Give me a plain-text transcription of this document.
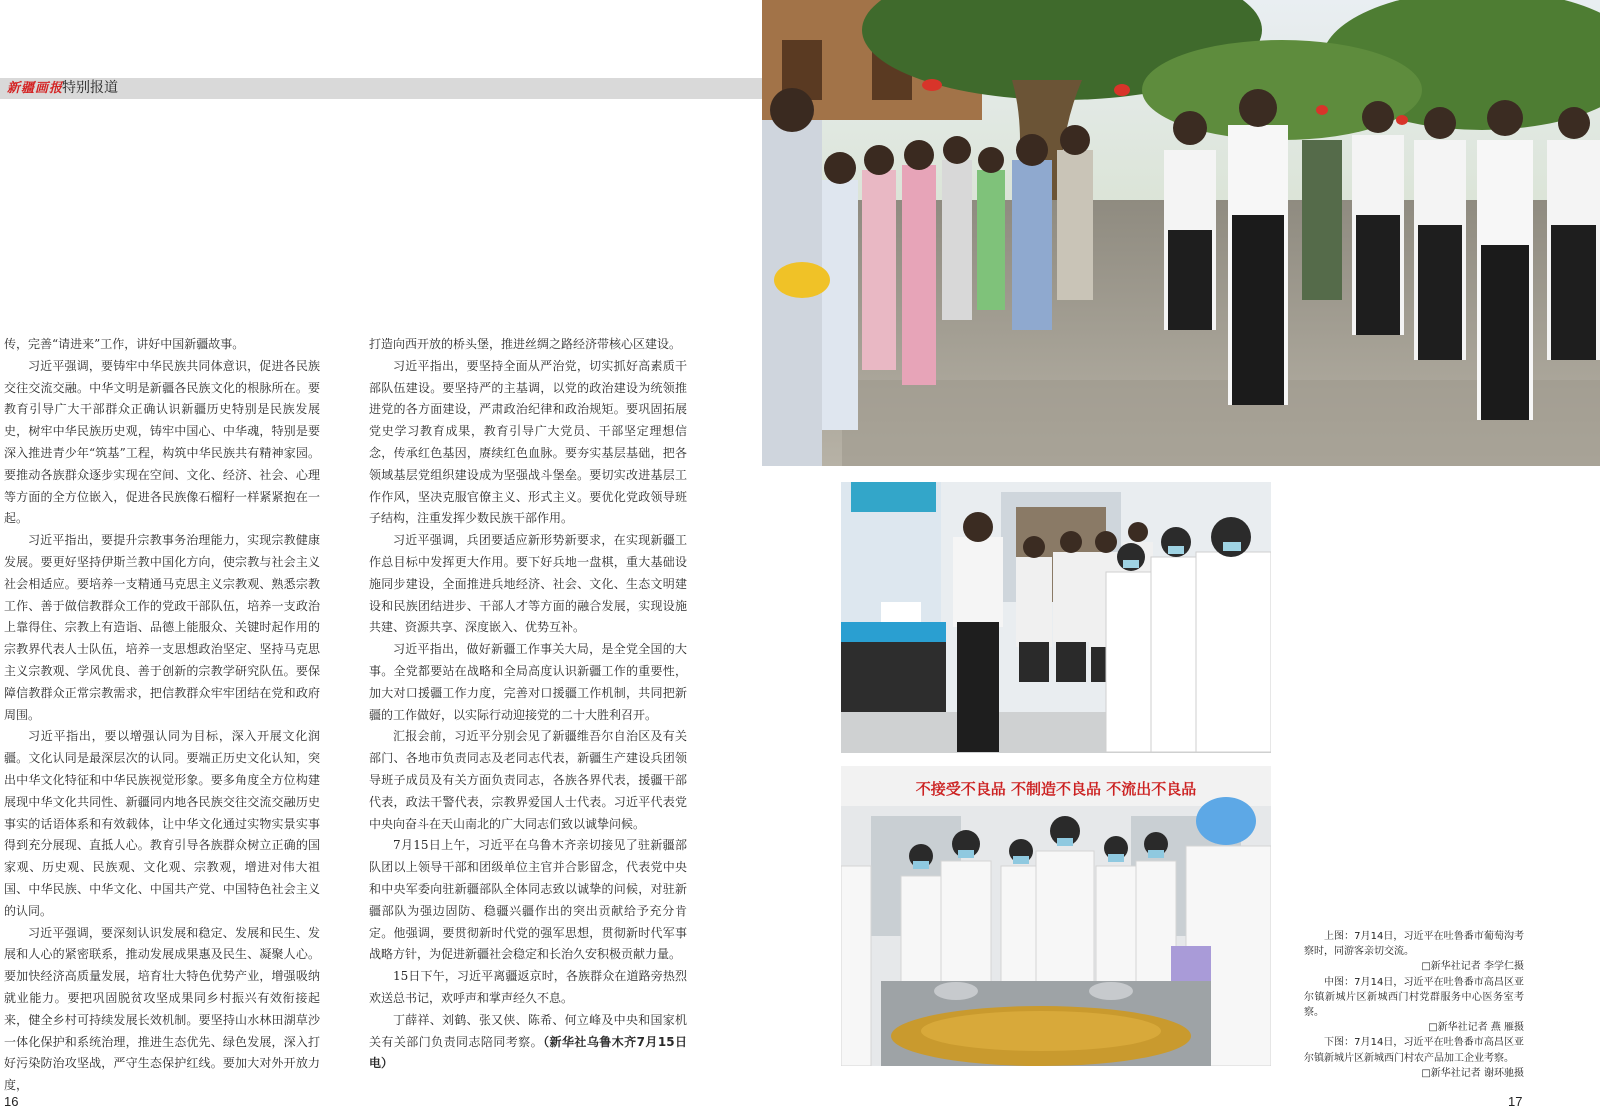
新疆画报
特别报道

传，完善“请进来”工作，讲好中国新疆故事。

习近平强调，要铸牢中华民族共同体意识，促进各民族交往交流交融。中华文明是新疆各民族文化的根脉所在。要教育引导广大干部群众正确认识新疆历史特别是民族发展史，树牢中华民族历史观，铸牢中国心、中华魂，特别是要深入推进青少年“筑基”工程，构筑中华民族共有精神家园。要推动各族群众逐步实现在空间、文化、经济、社会、心理等方面的全方位嵌入，促进各民族像石榴籽一样紧紧抱在一起。

习近平指出，要提升宗教事务治理能力，实现宗教健康发展。要更好坚持伊斯兰教中国化方向，使宗教与社会主义社会相适应。要培养一支精通马克思主义宗教观、熟悉宗教工作、善于做信教群众工作的党政干部队伍，培养一支政治上靠得住、宗教上有造诣、品德上能服众、关键时起作用的宗教界代表人士队伍，培养一支思想政治坚定、坚持马克思主义宗教观、学风优良、善于创新的宗教学研究队伍。要保障信教群众正常宗教需求，把信教群众牢牢团结在党和政府周围。

习近平指出，要以增强认同为目标，深入开展文化润疆。文化认同是最深层次的认同。要端正历史文化认知，突出中华文化特征和中华民族视觉形象。要多角度全方位构建展现中华文化共同性、新疆同内地各民族交往交流交融历史事实的话语体系和有效载体，让中华文化通过实物实景实事得到充分展现、直抵人心。教育引导各族群众树立正确的国家观、历史观、民族观、文化观、宗教观，增进对伟大祖国、中华民族、中华文化、中国共产党、中国特色社会主义的认同。

习近平强调，要深刻认识发展和稳定、发展和民生、发展和人心的紧密联系，推动发展成果惠及民生、凝聚人心。要加快经济高质量发展，培育壮大特色优势产业，增强吸纳就业能力。要把巩固脱贫攻坚成果同乡村振兴有效衔接起来，健全乡村可持续发展长效机制。要坚持山水林田湖草沙一体化保护和系统治理，推进生态优先、绿色发展，深入打好污染防治攻坚战，严守生态保护红线。要加大对外开放力度，

打造向西开放的桥头堡，推进丝绸之路经济带核心区建设。

习近平指出，要坚持全面从严治党，切实抓好高素质干部队伍建设。要坚持严的主基调，以党的政治建设为统领推进党的各方面建设，严肃政治纪律和政治规矩。要巩固拓展党史学习教育成果，教育引导广大党员、干部坚定理想信念，传承红色基因，赓续红色血脉。要夯实基层基础，把各领域基层党组织建设成为坚强战斗堡垒。要切实改进基层工作作风，坚决克服官僚主义、形式主义。要优化党政领导班子结构，注重发挥少数民族干部作用。

习近平强调，兵团要适应新形势新要求，在实现新疆工作总目标中发挥更大作用。要下好兵地一盘棋，重大基础设施同步建设，全面推进兵地经济、社会、文化、生态文明建设和民族团结进步、干部人才等方面的融合发展，实现设施共建、资源共享、深度嵌入、优势互补。

习近平指出，做好新疆工作事关大局，是全党全国的大事。全党都要站在战略和全局高度认识新疆工作的重要性，加大对口援疆工作力度，完善对口援疆工作机制，共同把新疆的工作做好，以实际行动迎接党的二十大胜利召开。

汇报会前，习近平分别会见了新疆维吾尔自治区及有关部门、各地市负责同志及老同志代表，新疆生产建设兵团领导班子成员及有关方面负责同志，各族各界代表，援疆干部代表，政法干警代表，宗教界爱国人士代表。习近平代表党中央向奋斗在天山南北的广大同志们致以诚挚问候。

7月15日上午，习近平在乌鲁木齐亲切接见了驻新疆部队团以上领导干部和团级单位主官并合影留念，代表党中央和中央军委向驻新疆部队全体同志致以诚挚的问候，对驻新疆部队为强边固防、稳疆兴疆作出的突出贡献给予充分肯定。他强调，要贯彻新时代党的强军思想，贯彻新时代军事战略方针，为促进新疆社会稳定和长治久安积极贡献力量。

15日下午，习近平离疆返京时，各族群众在道路旁热烈欢送总书记，欢呼声和掌声经久不息。

丁薛祥、刘鹤、张又侠、陈希、何立峰及中央和国家机关有关部门负责同志陪同考察。（新华社乌鲁木齐7月15日电）

不接受不良品 不制造不良品 不流出不良品

上图：7月14日，习近平在吐鲁番市葡萄沟考察时，同游客亲切交流。

□新华社记者 李学仁摄

中图：7月14日，习近平在吐鲁番市高昌区亚尔镇新城片区新城西门村党群服务中心医务室考察。

□新华社记者 燕 雁摄

下图：7月14日，习近平在吐鲁番市高昌区亚尔镇新城片区新城西门村农产品加工企业考察。

□新华社记者 谢环驰摄

16	17
